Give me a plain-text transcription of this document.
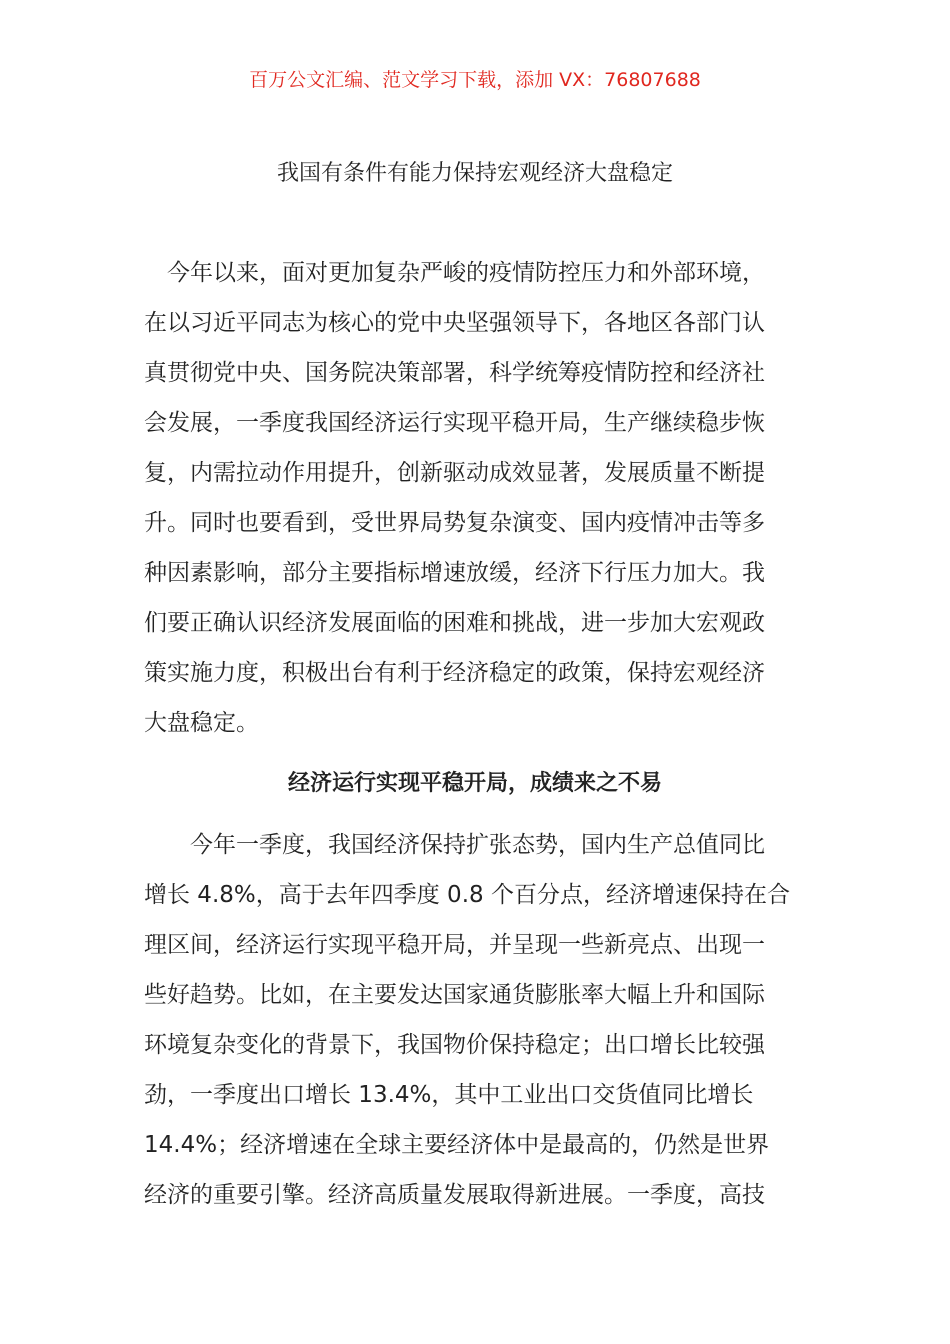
百万公文汇编、范文学习下载，添加 VX：76807688
我国有条件有能力保持宏观经济大盘稳定
　今年以来，面对更加复杂严峻的疫情防控压力和外部环境，
在以习近平同志为核心的党中央坚强领导下，各地区各部门认
真贯彻党中央、国务院决策部署，科学统筹疫情防控和经济社
会发展，一季度我国经济运行实现平稳开局，生产继续稳步恢
复，内需拉动作用提升，创新驱动成效显著，发展质量不断提
升。同时也要看到，受世界局势复杂演变、国内疫情冲击等多
种因素影响，部分主要指标增速放缓，经济下行压力加大。我
们要正确认识经济发展面临的困难和挑战，进一步加大宏观政
策实施力度，积极出台有利于经济稳定的政策，保持宏观经济
大盘稳定。
经济运行实现平稳开局，成绩来之不易
　　今年一季度，我国经济保持扩张态势，国内生产总值同比
增长 4.8%，高于去年四季度 0.8 个百分点，经济增速保持在合
理区间，经济运行实现平稳开局，并呈现一些新亮点、出现一
些好趋势。比如，在主要发达国家通货膨胀率大幅上升和国际
环境复杂变化的背景下，我国物价保持稳定；出口增长比较强
劲，一季度出口增长 13.4%，其中工业出口交货值同比增长
14.4%；经济增速在全球主要经济体中是最高的，仍然是世界
经济的重要引擎。经济高质量发展取得新进展。一季度，高技
